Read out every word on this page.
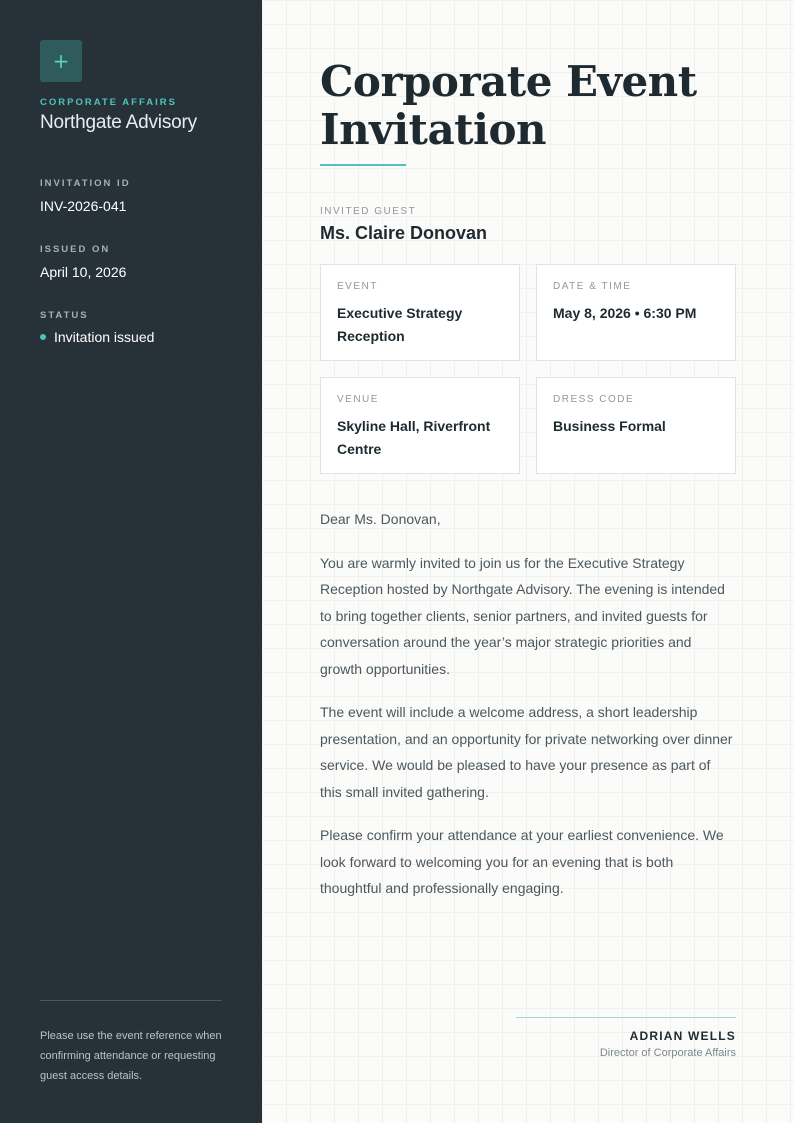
+
CORPORATE AFFAIRS
Northgate Advisory
INVITATION ID
INV-2026-041
ISSUED ON
April 10, 2026
STATUS
Invitation issued
Please use the event reference when confirming attendance or requesting guest access details.
Corporate Event Invitation
INVITED GUEST
Ms. Claire Donovan
EVENT
Executive Strategy Reception
DATE & TIME
May 8, 2026 • 6:30 PM
VENUE
Skyline Hall, Riverfront Centre
DRESS CODE
Business Formal

Dear Ms. Donovan,

You are warmly invited to join us for the Executive Strategy Reception hosted by Northgate Advisory. The evening is intended to bring together clients, senior partners, and invited guests for conversation around the year’s major strategic priorities and growth opportunities.

The event will include a welcome address, a short leadership presentation, and an opportunity for private networking over dinner service. We would be pleased to have your presence as part of this small invited gathering.

Please confirm your attendance at your earliest convenience. We look forward to welcoming you for an evening that is both thoughtful and professionally engaging.

ADRIAN WELLS
Director of Corporate Affairs
